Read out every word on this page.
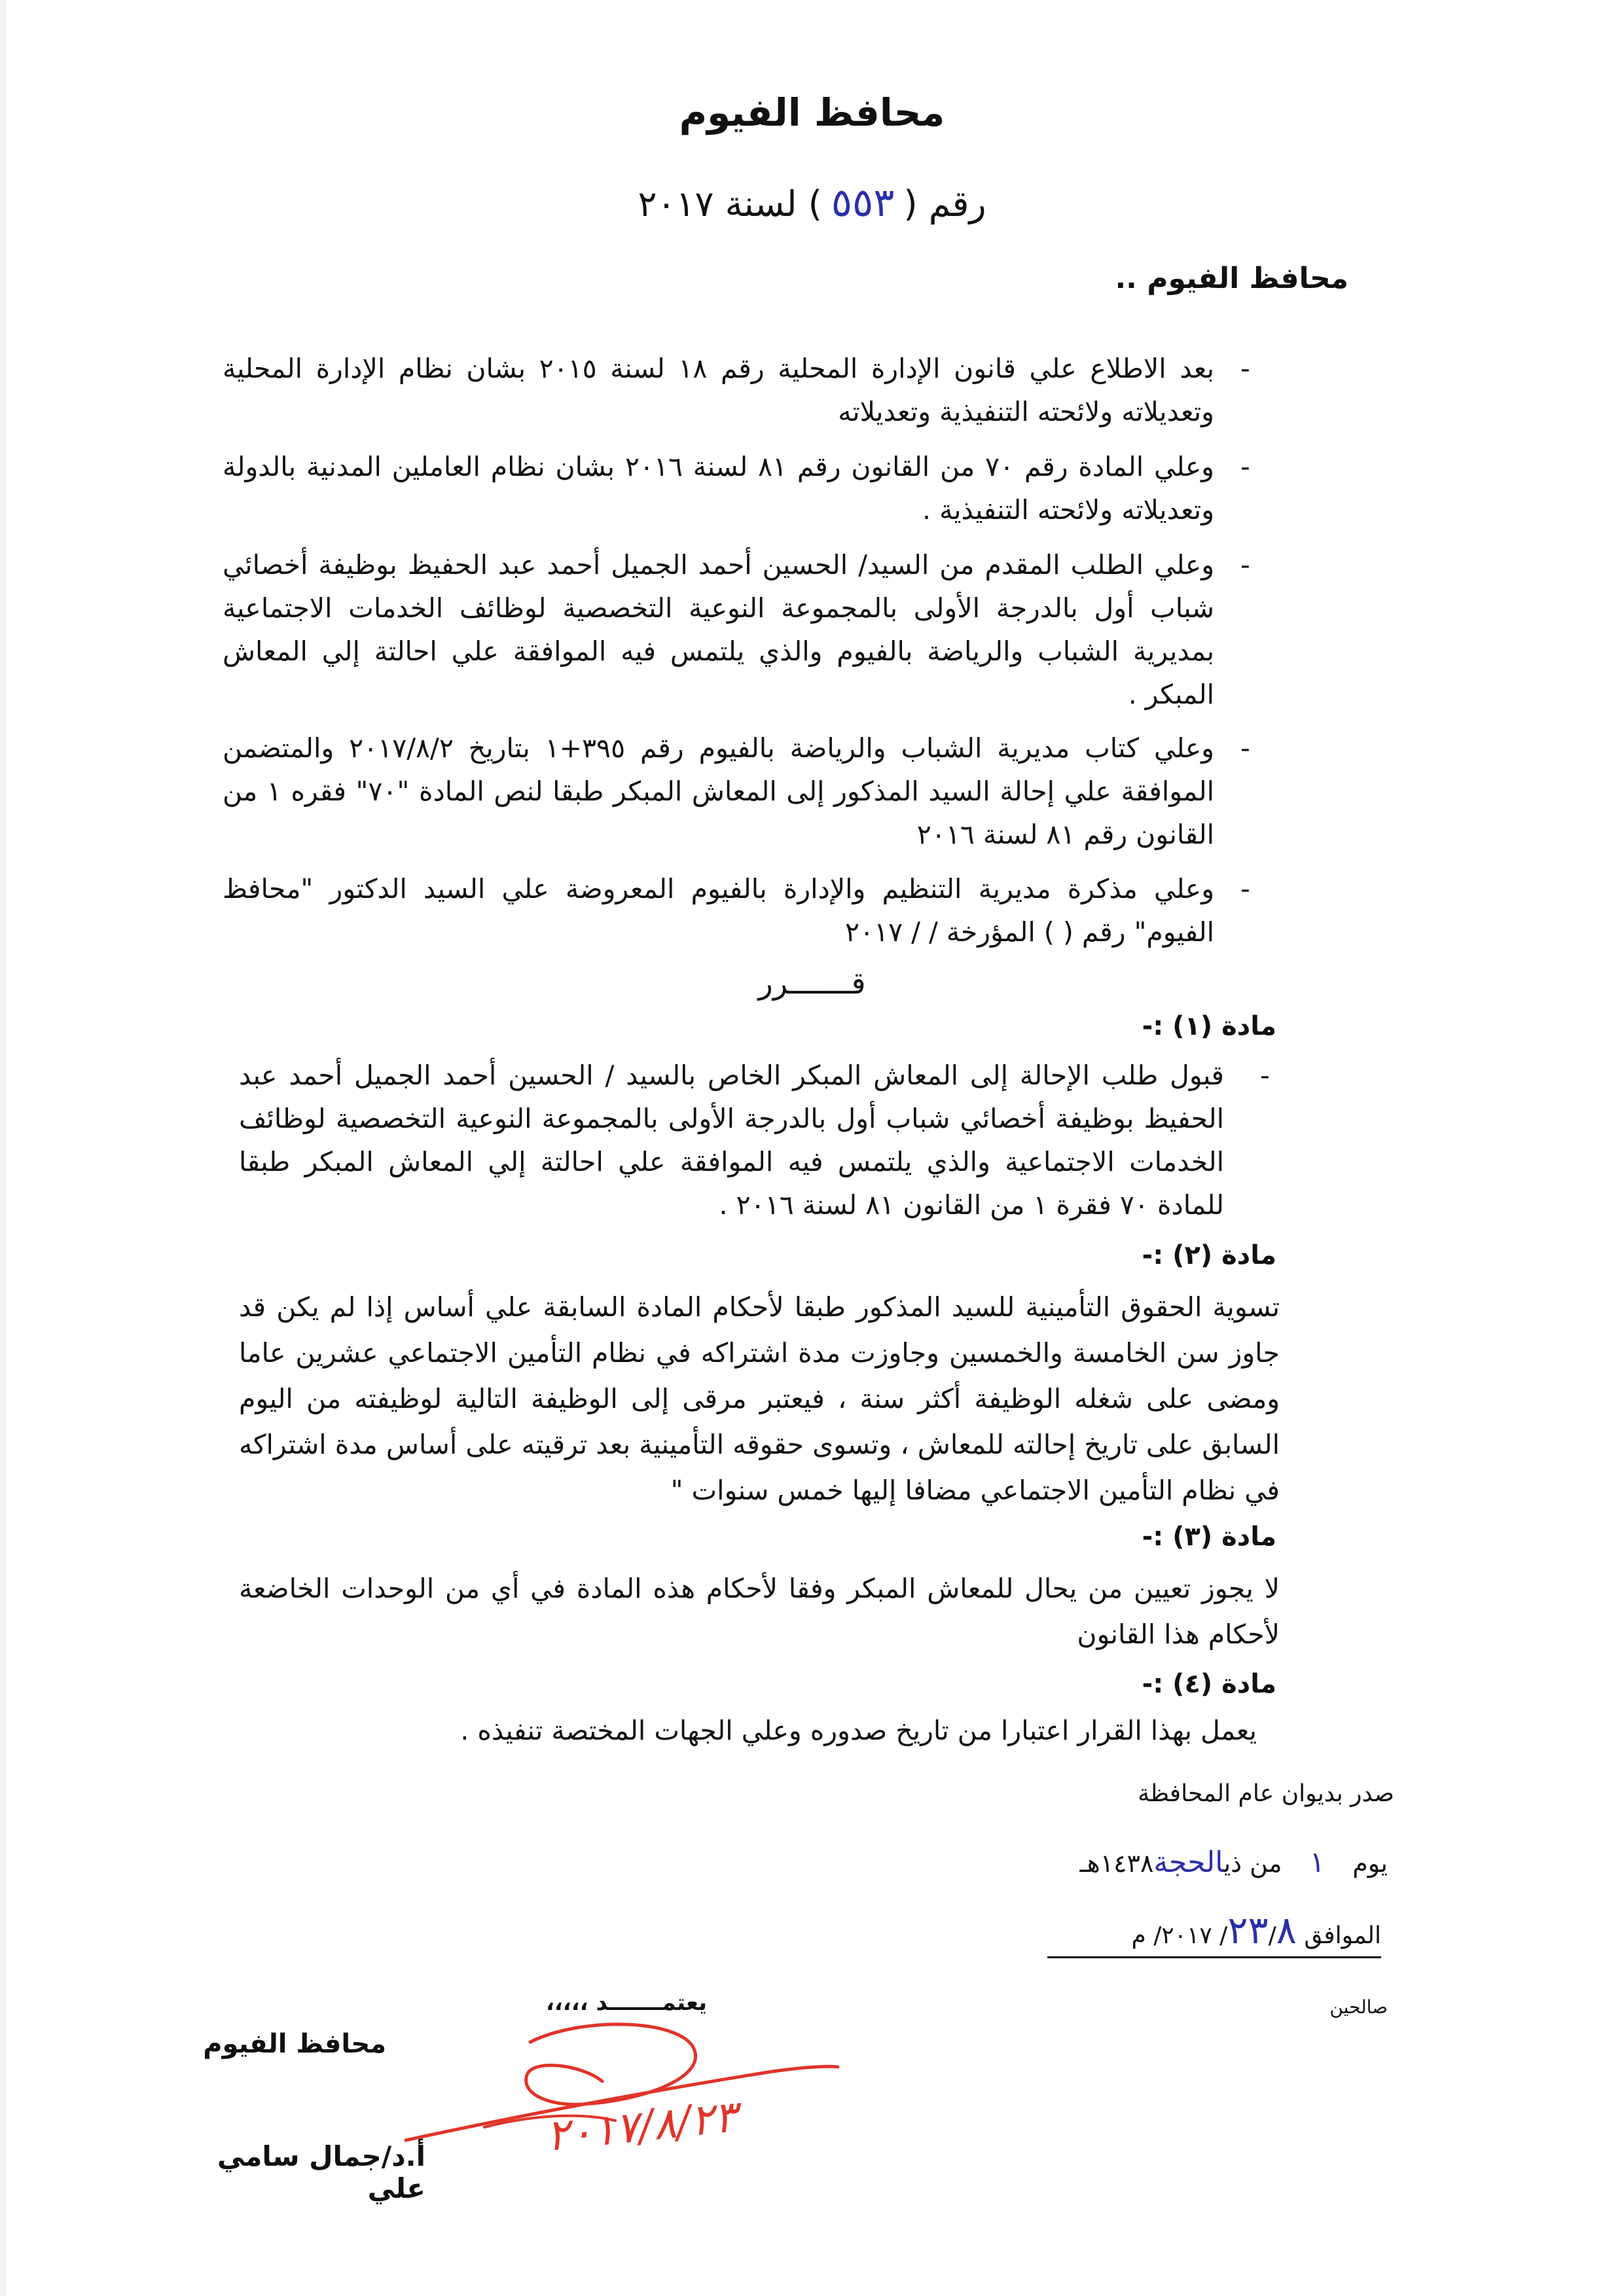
محافظ الفيوم
رقم (٥٥٣) لسنة ٢٠١٧
محافظ الفيوم ..
-
بعد الاطلاع علي قانون الإدارة المحلية رقم ١٨ لسنة ٢٠١٥ بشان نظام الإدارة المحلية وتعديلاته ولائحته التنفيذية وتعديلاته
-
وعلي المادة رقم ٧٠ من القانون رقم ٨١ لسنة ٢٠١٦ بشان نظام العاملين المدنية بالدولة وتعديلاته ولائحته التنفيذية .
-
وعلي الطلب المقدم من السيد/ الحسين أحمد الجميل أحمد عبد الحفيظ بوظيفة أخصائي شباب أول بالدرجة الأولى بالمجموعة النوعية التخصصية لوظائف الخدمات الاجتماعية بمديرية الشباب والرياضة بالفيوم والذي يلتمس فيه الموافقة علي احالتة إلي المعاش المبكر .
-
وعلي كتاب مديرية الشباب والرياضة بالفيوم رقم ٣٩٥+١ بتاريخ ٢٠١٧/٨/٢ والمتضمن الموافقة علي إحالة السيد المذكور إلى المعاش المبكر طبقا لنص المادة "٧٠" فقره ١ من القانون رقم ٨١ لسنة ٢٠١٦
-
وعلي مذكرة مديرية التنظيم والإدارة بالفيوم المعروضة علي السيد الدكتور "محافظ الفيوم" رقم ( ) المؤرخة / / ٢٠١٧
قـــــــرر
مادة (١) :-
-
قبول طلب الإحالة إلى المعاش المبكر الخاص بالسيد / الحسين أحمد الجميل أحمد عبد الحفيظ بوظيفة أخصائي شباب أول بالدرجة الأولى بالمجموعة النوعية التخصصية لوظائف الخدمات الاجتماعية والذي يلتمس فيه الموافقة علي احالتة إلي المعاش المبكر طبقا للمادة ٧٠ فقرة ١ من القانون ٨١ لسنة ٢٠١٦ .
مادة (٢) :-
تسوية الحقوق التأمينية للسيد المذكور طبقا لأحكام المادة السابقة علي أساس إذا لم يكن قد جاوز سن الخامسة والخمسين وجاوزت مدة اشتراكه في نظام التأمين الاجتماعي عشرين عاما ومضى على شغله الوظيفة أكثر سنة ، فيعتبر مرقى إلى الوظيفة التالية لوظيفته من اليوم السابق على تاريخ إحالته للمعاش ، وتسوى حقوقه التأمينية بعد ترقيته على أساس مدة اشتراكه في نظام التأمين الاجتماعي مضافا إليها خمس سنوات "
مادة (٣) :-
لا يجوز تعيين من يحال للمعاش المبكر وفقا لأحكام هذه المادة في أي من الوحدات الخاضعة لأحكام هذا القانون
مادة (٤) :-
يعمل بهذا القرار اعتبارا من تاريخ صدوره وعلي الجهات المختصة تنفيذه .
صدر بديوان عام المحافظة
يوم ١ من ذيالحجة١٤٣٨هـ
الموافق ٢٣/٨/ ٢٠١٧/ م
صالحين
يعتمـــــــد ،،،،،
محافظ الفيوم
أ.د/جمال سامي علي
٢٠١٧/٨/٢٣
